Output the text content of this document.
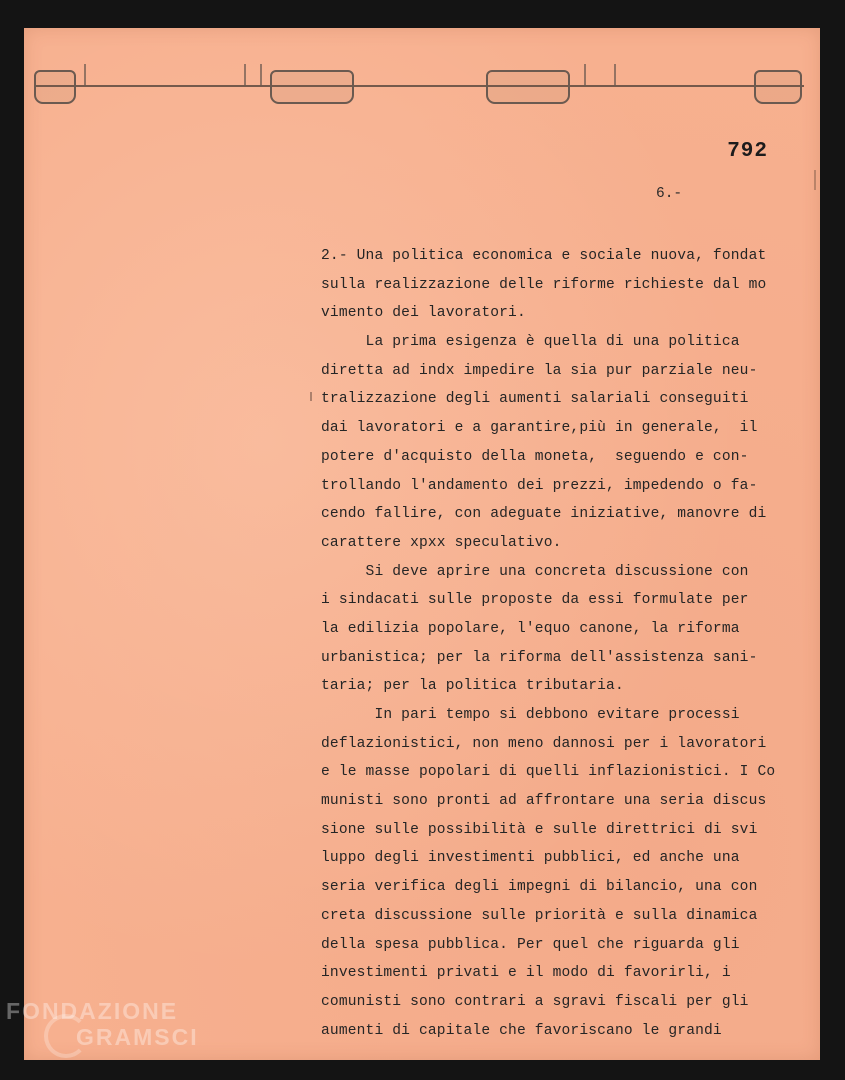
792
6.-
2.- Una politica economica e sociale nuova, fondat
sulla realizzazione delle riforme richieste dal mo
vimento dei lavoratori.
La prima esigenza è quella di una politica
diretta ad indx impedire la sia pur parziale neu-
tralizzazione degli aumenti salariali conseguiti
dai lavoratori e a garantire,più in generale,  il
potere d'acquisto della moneta,  seguendo e con-
trollando l'andamento dei prezzi, impedendo o fa-
cendo fallire, con adeguate iniziative, manovre di
carattere xpxx speculativo.
Si deve aprire una concreta discussione con
i sindacati sulle proposte da essi formulate per
la edilizia popolare, l'equo canone, la riforma
urbanistica; per la riforma dell'assistenza sani-
taria; per la politica tributaria.
In pari tempo si debbono evitare processi
deflazionistici, non meno dannosi per i lavoratori
e le masse popolari di quelli inflazionistici. I Co
munisti sono pronti ad affrontare una seria discus
sione sulle possibilità e sulle direttrici di svi
luppo degli investimenti pubblici, ed anche una
seria verifica degli impegni di bilancio, una con
creta discussione sulle priorità e sulla dinamica
della spesa pubblica. Per quel che riguarda gli
investimenti privati e il modo di favorirli, i
comunisti sono contrari a sgravi fiscali per gli
aumenti di capitale che favoriscano le grandi
FONDAZIONE
GRAMSCI
